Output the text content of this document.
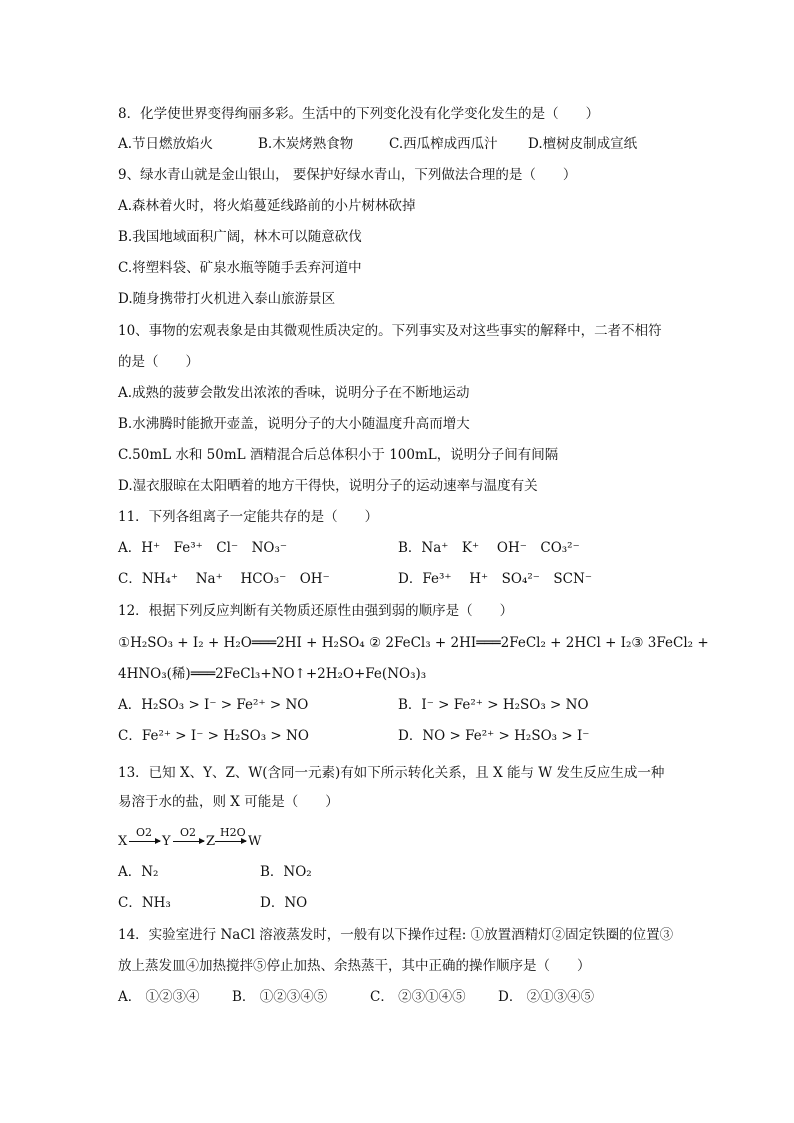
8．化学使世界变得绚丽多彩。生活中的下列变化没有化学变化发生的是（　　）
A.节日燃放焰火	B.木炭烤熟食物	C.西瓜榨成西瓜汁 D.檀树皮制成宣纸
9、绿水青山就是金山银山， 要保护好绿水青山，下列做法合理的是（　　）
A.森林着火时，将火焰蔓延线路前的小片树林砍掉
B.我国地域面积广阔，林木可以随意砍伐
C.将塑料袋、矿泉水瓶等随手丢弃河道中
D.随身携带打火机进入泰山旅游景区
10、事物的宏观表象是由其微观性质决定的。下列事实及对这些事实的解释中，二者不相符
的是（　　）
A.成熟的菠萝会散发出浓浓的香味，说明分子在不断地运动
B.水沸腾时能掀开壶盖，说明分子的大小随温度升高而增大
C.50mL 水和 50mL 酒精混合后总体积小于 100mL，说明分子间有间隔
D.湿衣服晾在太阳晒着的地方干得快，说明分子的运动速率与温度有关
11．下列各组离子一定能共存的是（　　）
A．H⁺　Fe³⁺　Cl⁻　NO₃⁻	B．Na⁺　K⁺　 OH⁻　CO₃²⁻
C．NH₄⁺　 Na⁺　 HCO₃⁻　OH⁻	D．Fe³⁺　 H⁺　SO₄²⁻　SCN⁻
12．根据下列反应判断有关物质还原性由强到弱的顺序是（　　）
①H₂SO₃ + I₂ + H₂O═══2HI + H₂SO₄ ② 2FeCl₃ + 2HI═══2FeCl₂ + 2HCl + I₂③ 3FeCl₂ +
4HNO₃(稀)═══2FeCl₃+NO↑+2H₂O+Fe(NO₃)₃
A．H₂SO₃ > I⁻ > Fe²⁺ > NO	B．I⁻ > Fe²⁺ > H₂SO₃ > NO
C．Fe²⁺ > I⁻ > H₂SO₃ > NO	D．NO > Fe²⁺ > H₂SO₃ > I⁻
13．已知 X、Y、Z、W(含同一元素)有如下所示转化关系，且 X 能与 W 发生反应生成一种
易溶于水的盐，则 X 可能是（　　）
X
O2
Y
O2
Z
H2O
W
A．N₂	B．NO₂
C．NH₃	D．NO
14．实验室进行 NaCl 溶液蒸发时，一般有以下操作过程: ①放置酒精灯②固定铁圈的位置③
放上蒸发皿④加热搅拌⑤停止加热、余热蒸干，其中正确的操作顺序是（　　）
A． ①②③④ B． ①②③④⑤	C． ②③①④⑤ D． ②①③④⑤
